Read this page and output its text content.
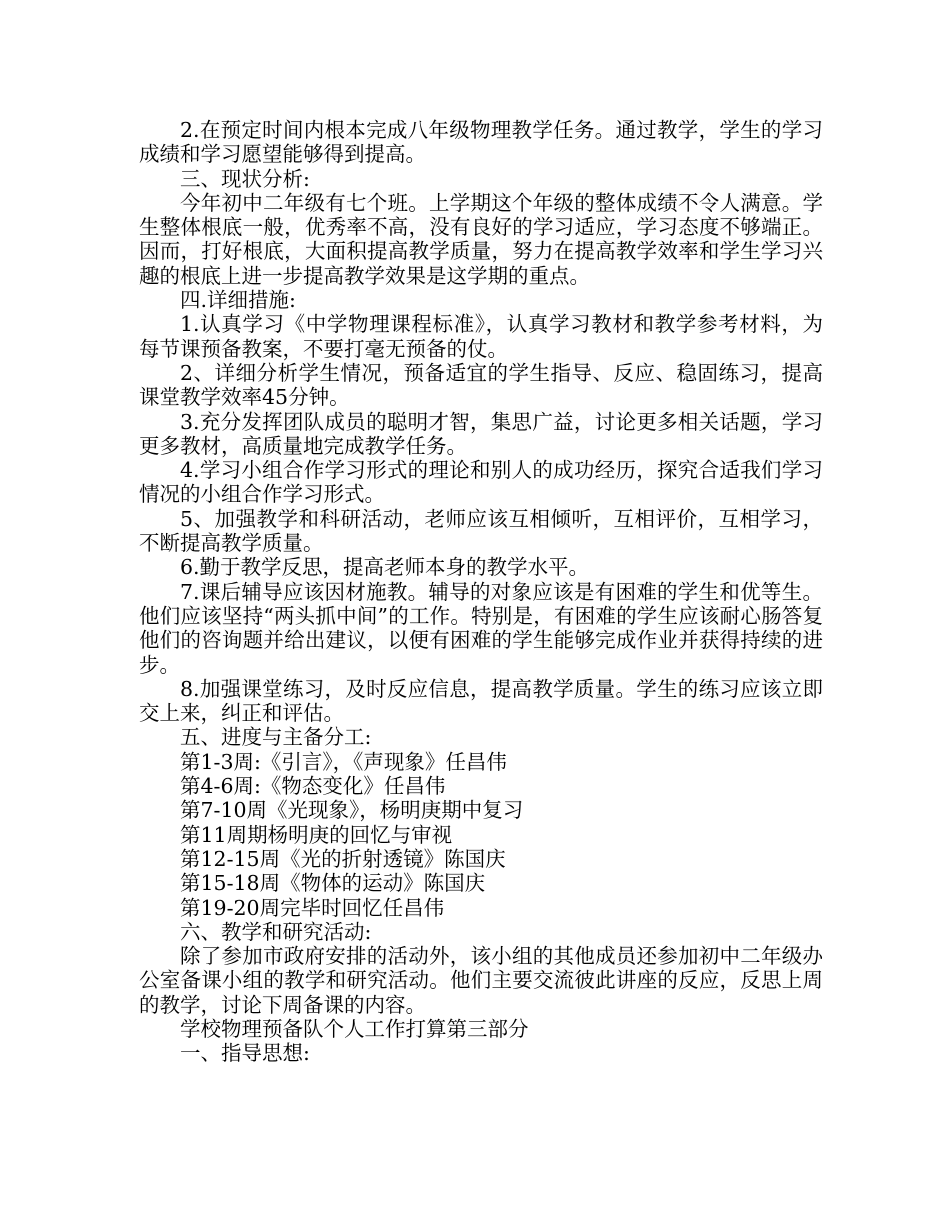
2.在预定时间内根本完成八年级物理教学任务。通过教学，学生的学习成绩和学习愿望能够得到提高。

三、现状分析:

今年初中二年级有七个班。上学期这个年级的整体成绩不令人满意。学生整体根底一般，优秀率不高，没有良好的学习适应，学习态度不够端正。因而，打好根底，大面积提高教学质量，努力在提高教学效率和学生学习兴趣的根底上进一步提高教学效果是这学期的重点。

四.详细措施:

1.认真学习《中学物理课程标准》，认真学习教材和教学参考材料，为每节课预备教案，不要打毫无预备的仗。

2、详细分析学生情况，预备适宜的学生指导、反应、稳固练习，提高课堂教学效率45分钟。

3.充分发挥团队成员的聪明才智，集思广益，讨论更多相关话题，学习更多教材，高质量地完成教学任务。

4.学习小组合作学习形式的理论和别人的成功经历，探究合适我们学习情况的小组合作学习形式。

5、加强教学和科研活动，老师应该互相倾听，互相评价，互相学习，不断提高教学质量。

6.勤于教学反思，提高老师本身的教学水平。

7.课后辅导应该因材施教。辅导的对象应该是有困难的学生和优等生。他们应该坚持“两头抓中间”的工作。特别是，有困难的学生应该耐心肠答复他们的咨询题并给出建议，以便有困难的学生能够完成作业并获得持续的进步。

8.加强课堂练习，及时反应信息，提高教学质量。学生的练习应该立即交上来，纠正和评估。

五、进度与主备分工:

第1-3周:《引言》，《声现象》任昌伟

第4-6周:《物态变化》任昌伟

第7-10周《光现象》，杨明庚期中复习

第11周期杨明庚的回忆与审视

第12-15周《光的折射透镜》陈国庆

第15-18周《物体的运动》陈国庆

第19-20周完毕时回忆任昌伟

六、教学和研究活动:

除了参加市政府安排的活动外，该小组的其他成员还参加初中二年级办公室备课小组的教学和研究活动。他们主要交流彼此讲座的反应，反思上周的教学，讨论下周备课的内容。

学校物理预备队个人工作打算第三部分

一、指导思想:
